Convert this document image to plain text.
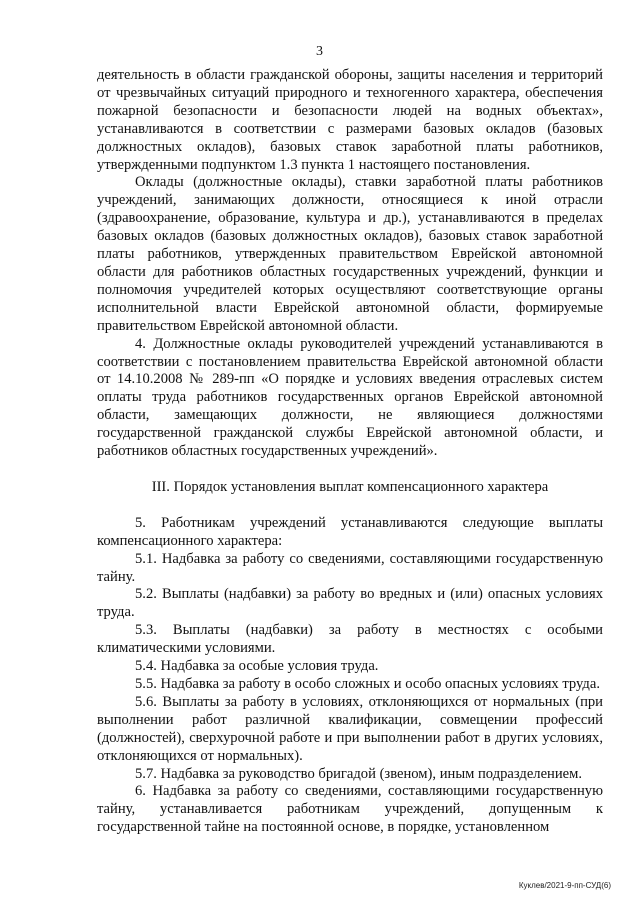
3

деятельность в области гражданской обороны, защиты населения и территорий от чрезвычайных ситуаций природного и техногенного характера, обеспечения пожарной безопасности и безопасности людей на водных объектах», устанавливаются в соответствии с размерами базовых окладов (базовых должностных окладов), базовых ставок заработной платы работников, утвержденными подпунктом 1.3 пункта 1 настоящего постановления.

Оклады (должностные оклады), ставки заработной платы работников учреждений, занимающих должности, относящиеся к иной отрасли (здравоохранение, образование, культура и др.), устанавливаются в пределах базовых окладов (базовых должностных окладов), базовых ставок заработной платы работников, утвержденных правительством Еврейской автономной области для работников областных государственных учреждений, функции и полномочия учредителей которых осуществляют соответствующие органы исполнительной власти Еврейской автономной области, формируемые правительством Еврейской автономной области.

4. Должностные оклады руководителей учреждений устанавливаются в соответствии с постановлением правительства Еврейской автономной области от 14.10.2008 № 289-пп «О порядке и условиях введения отраслевых систем оплаты труда работников государственных органов Еврейской автономной области, замещающих должности, не являющиеся должностями государственной гражданской службы Еврейской автономной области, и работников областных государственных учреждений».

III. Порядок установления выплат компенсационного характера

5. Работникам учреждений устанавливаются следующие выплаты компенсационного характера:

5.1. Надбавка за работу со сведениями, составляющими государственную тайну.

5.2. Выплаты (надбавки) за работу во вредных и (или) опасных условиях труда.

5.3. Выплаты (надбавки) за работу в местностях с особыми климатическими условиями.

5.4. Надбавка за особые условия труда.

5.5. Надбавка за работу в особо сложных и особо опасных условиях труда.

5.6. Выплаты за работу в условиях, отклоняющихся от нормальных (при выполнении работ различной квалификации, совмещении профессий (должностей), сверхурочной работе и при выполнении работ в других условиях, отклоняющихся от нормальных).

5.7. Надбавка за руководство бригадой (звеном), иным подразделением.

6. Надбавка за работу со сведениями, составляющими государственную тайну, устанавливается работникам учреждений, допущенным к государственной тайне на постоянной основе, в порядке, установленном

Куклев/2021-9-пп-СУД(6)
